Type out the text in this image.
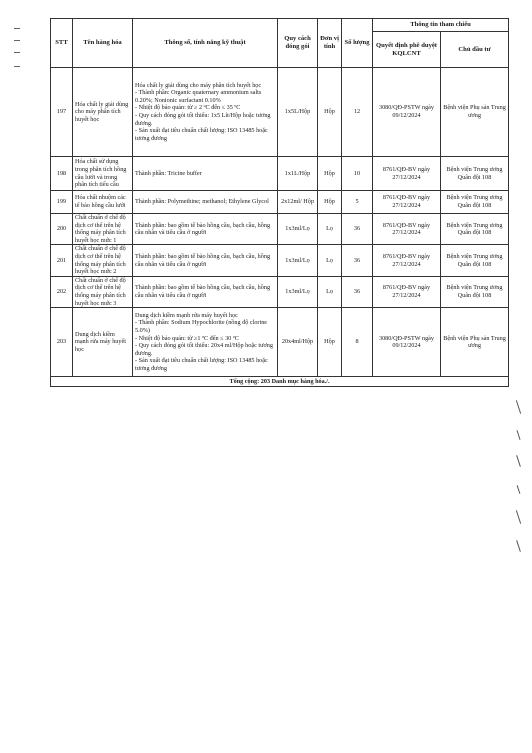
STT	Tên hàng hóa	Thông số, tính năng kỹ thuật	Quy cách đóng gói	Đơn vị tính	Số lượng	Thông tin tham chiếu	
						Quyết định phê duyệt KQLCNT	Chủ đầu tư
197	Hóa chất ly giải dùng cho máy phân tích huyết học	Hóa chất ly giải dùng cho máy phân tích huyết học
- Thành phần: Organic quaternary ammonium salts 0.20%; Nonionic surfactant 0.10%
- Nhiệt độ bảo quản: từ ≥ 2 ºC đến ≤ 35 ºC
- Quy cách đóng gói tối thiểu: 1x5 Lít/Hộp hoặc tương đương.
- Sản xuất đạt tiêu chuẩn chất lượng: ISO 13485 hoặc tương đương	1x5L/Hộp	Hộp	12	3080/QĐ-PSTW ngày 09/12/2024	Bệnh viện Phụ sản Trung ương
198	Hóa chất sử dụng trong phân tích hồng cầu lưới và trong phân tích tiểu cầu	Thành phần: Tricine buffer	1x1L/Hộp	Hộp	10	8761/QĐ-BV ngày 27/12/2024	Bệnh viện Trung ương Quân đội 108
199	Hóa chất nhuộm các tế bào hồng cầu lưới	Thành phần: Polymethine; methanol; Ethylene Glycol	2x12ml/ Hộp	Hộp	5	8761/QĐ-BV ngày 27/12/2024	Bệnh viện Trung ương Quân đội 108
200	Chất chuẩn ở chế độ dịch cơ thể trên hệ thống máy phân tích huyết học mức 1	Thành phần: bao gồm tế bào hồng cầu, bạch cầu, hồng cầu nhân và tiểu cầu ở người	1x3ml/Lọ	Lọ	36	8761/QĐ-BV ngày 27/12/2024	Bệnh viện Trung ương Quân đội 108
201	Chất chuẩn ở chế độ dịch cơ thể trên hệ thống máy phân tích huyết học mức 2	Thành phần: bao gồm tế bào hồng cầu, bạch cầu, hồng cầu nhân và tiểu cầu ở người	1x3ml/Lọ	Lọ	36	8761/QĐ-BV ngày 27/12/2024	Bệnh viện Trung ương Quân đội 108
202	Chất chuẩn ở chế độ dịch cơ thể trên hệ thống máy phân tích huyết học mức 3	Thành phần: bao gồm tế bào hồng cầu, bạch cầu, hồng cầu nhân và tiểu cầu ở người	1x3ml/Lọ	Lọ	36	8761/QĐ-BV ngày 27/12/2024	Bệnh viện Trung ương Quân đội 108
203	Dung dịch kiềm mạnh rửa máy huyết học	Dung dịch kiềm mạnh rửa máy huyết học
- Thành phần: Sodium Hypochlorite (nồng độ clorine 5.0%)
- Nhiệt độ bảo quản: từ ≥1 ºC đến ≤ 30 ºC
- Quy cách đóng gói tối thiểu: 20x4 ml/Hộp hoặc tương đương.
- Sản xuất đạt tiêu chuẩn chất lượng: ISO 13485 hoặc tương đương	20x4ml/Hộp	Hộp	8	3080/QĐ-PSTW ngày 09/12/2024	Bệnh viện Phụ sản Trung ương
Tổng cộng: 203 Danh mục hàng hóa./.							
